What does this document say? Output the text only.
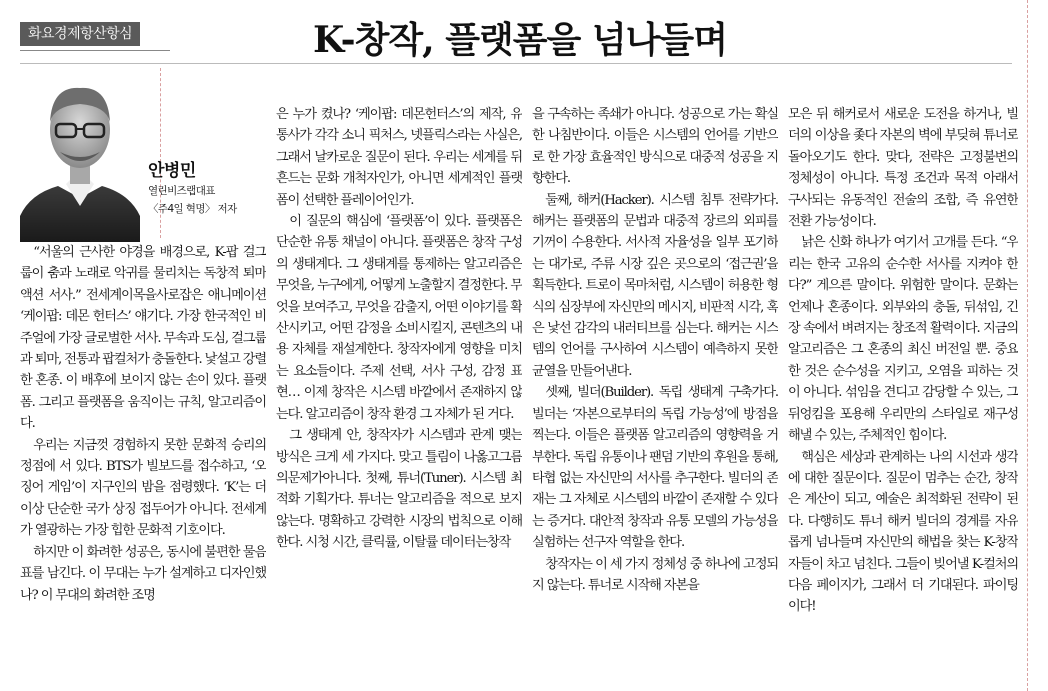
화요경제항산항심	K-창작, 플랫폼을 넘나들며
안병민
열린비즈랩대표
〈주4일 혁명〉 저자

“서울의 근사한 야경을 배경으로, K-팝 걸그룹이 춤과 노래로 악귀를 물리치는 독창적 퇴마 액션 서사.” 전세계이목을사로잡은 애니메이션 ‘케이팝: 데몬 헌터스’ 얘기다. 가장 한국적인 비주얼에 가장 글로벌한 서사. 무속과 도심, 걸그룹과 퇴마, 전통과 팝컬처가 충돌한다. 낯설고 강렬한 혼종. 이 배후에 보이지 않는 손이 있다. 플랫폼. 그리고 플랫폼을 움직이는 규칙, 알고리즘이다.

우리는 지금껏 경험하지 못한 문화적 승리의 정점에 서 있다. BTS가 빌보드를 접수하고, ‘오징어 게임’이 지구인의 밤을 점령했다. ‘K’는 더 이상 단순한 국가 상징 접두어가 아니다. 전세계가 열광하는 가장 힙한 문화적 기호이다.

하지만 이 화려한 성공은, 동시에 불편한 물음표를 남긴다. 이 무대는 누가 설계하고 디자인했나? 이 무대의 화려한 조명

은 누가 켰나? ‘케이팝: 데몬헌터스’의 제작, 유통사가 각각 소니 픽처스, 넷플릭스라는 사실은, 그래서 날카로운 질문이 된다. 우리는 세계를 뒤흔드는 문화 개척자인가, 아니면 세계적인 플랫폼이 선택한 플레이어인가.

이 질문의 핵심에 ‘플랫폼’이 있다. 플랫폼은 단순한 유통 채널이 아니다. 플랫폼은 창작 구성의 생태계다. 그 생태계를 통제하는 알고리즘은 무엇을, 누구에게, 어떻게 노출할지 결정한다. 무엇을 보여주고, 무엇을 감출지, 어떤 이야기를 확산시키고, 어떤 감정을 소비시킬지, 콘텐츠의 내용 자체를 재설계한다. 창작자에게 영향을 미치는 요소들이다. 주제 선택, 서사 구성, 감정 표현… 이제 창작은 시스템 바깥에서 존재하지 않는다. 알고리즘이 창작 환경 그 자체가 된 거다.

그 생태계 안, 창작자가 시스템과 관계 맺는 방식은 크게 세 가지다. 맞고 틀림이 나옳고그름의문제가아니다. 첫째, 튜너(Tuner). 시스템 최적화 기획가다. 튜너는 알고리즘을 적으로 보지 않는다. 명확하고 강력한 시장의 법칙으로 이해한다. 시청 시간, 클릭률, 이탈률 데이터는창작

을 구속하는 족쇄가 아니다. 성공으로 가는 확실한 나침반이다. 이들은 시스템의 언어를 기반으로 한 가장 효율적인 방식으로 대중적 성공을 지향한다.

둘째, 해커(Hacker). 시스템 침투 전략가다. 해커는 플랫폼의 문법과 대중적 장르의 외피를 기꺼이 수용한다. 서사적 자율성을 일부 포기하는 대가로, 주류 시장 깊은 곳으로의 ‘접근권’을 획득한다. 트로이 목마처럼, 시스템이 허용한 형식의 심장부에 자신만의 메시지, 비판적 시각, 혹은 낯선 감각의 내러티브를 심는다. 해커는 시스템의 언어를 구사하여 시스템이 예측하지 못한 균열을 만들어낸다.

셋째, 빌더(Builder). 독립 생태계 구축가다. 빌더는 ‘자본으로부터의 독립 가능성’에 방점을 찍는다. 이들은 플랫폼 알고리즘의 영향력을 거부한다. 독립 유통이나 팬덤 기반의 후원을 통해, 타협 없는 자신만의 서사를 추구한다. 빌더의 존재는 그 자체로 시스템의 바깥이 존재할 수 있다는 증거다. 대안적 창작과 유통 모델의 가능성을 실험하는 선구자 역할을 한다.

창작자는 이 세 가지 정체성 중 하나에 고정되지 않는다. 튜너로 시작해 자본을

모은 뒤 해커로서 새로운 도전을 하거나, 빌더의 이상을 좇다 자본의 벽에 부딪혀 튜너로 돌아오기도 한다. 맞다, 전략은 고정불변의 정체성이 아니다. 특정 조건과 목적 아래서 구사되는 유동적인 전술의 조합, 즉 유연한 전환 가능성이다.

낡은 신화 하나가 여기서 고개를 든다. “우리는 한국 고유의 순수한 서사를 지켜야 한다?” 게으른 말이다. 위험한 말이다. 문화는 언제나 혼종이다. 외부와의 충돌, 뒤섞임, 긴장 속에서 벼려지는 창조적 활력이다. 지금의 알고리즘은 그 혼종의 최신 버전일 뿐. 중요한 것은 순수성을 지키고, 오염을 피하는 것이 아니다. 섞임을 견디고 감당할 수 있는, 그 뒤엉킴을 포용해 우리만의 스타일로 재구성해낼 수 있는, 주체적인 힘이다.

핵심은 세상과 관계하는 나의 시선과 생각에 대한 질문이다. 질문이 멈추는 순간, 창작은 계산이 되고, 예술은 최적화된 전략이 된다. 다행히도 튜너 해커 빌더의 경계를 자유롭게 넘나들며 자신만의 해법을 찾는 K-창작자들이 차고 넘친다. 그들이 빚어낼 K-컬처의 다음 페이지가, 그래서 더 기대된다. 파이팅이다!
